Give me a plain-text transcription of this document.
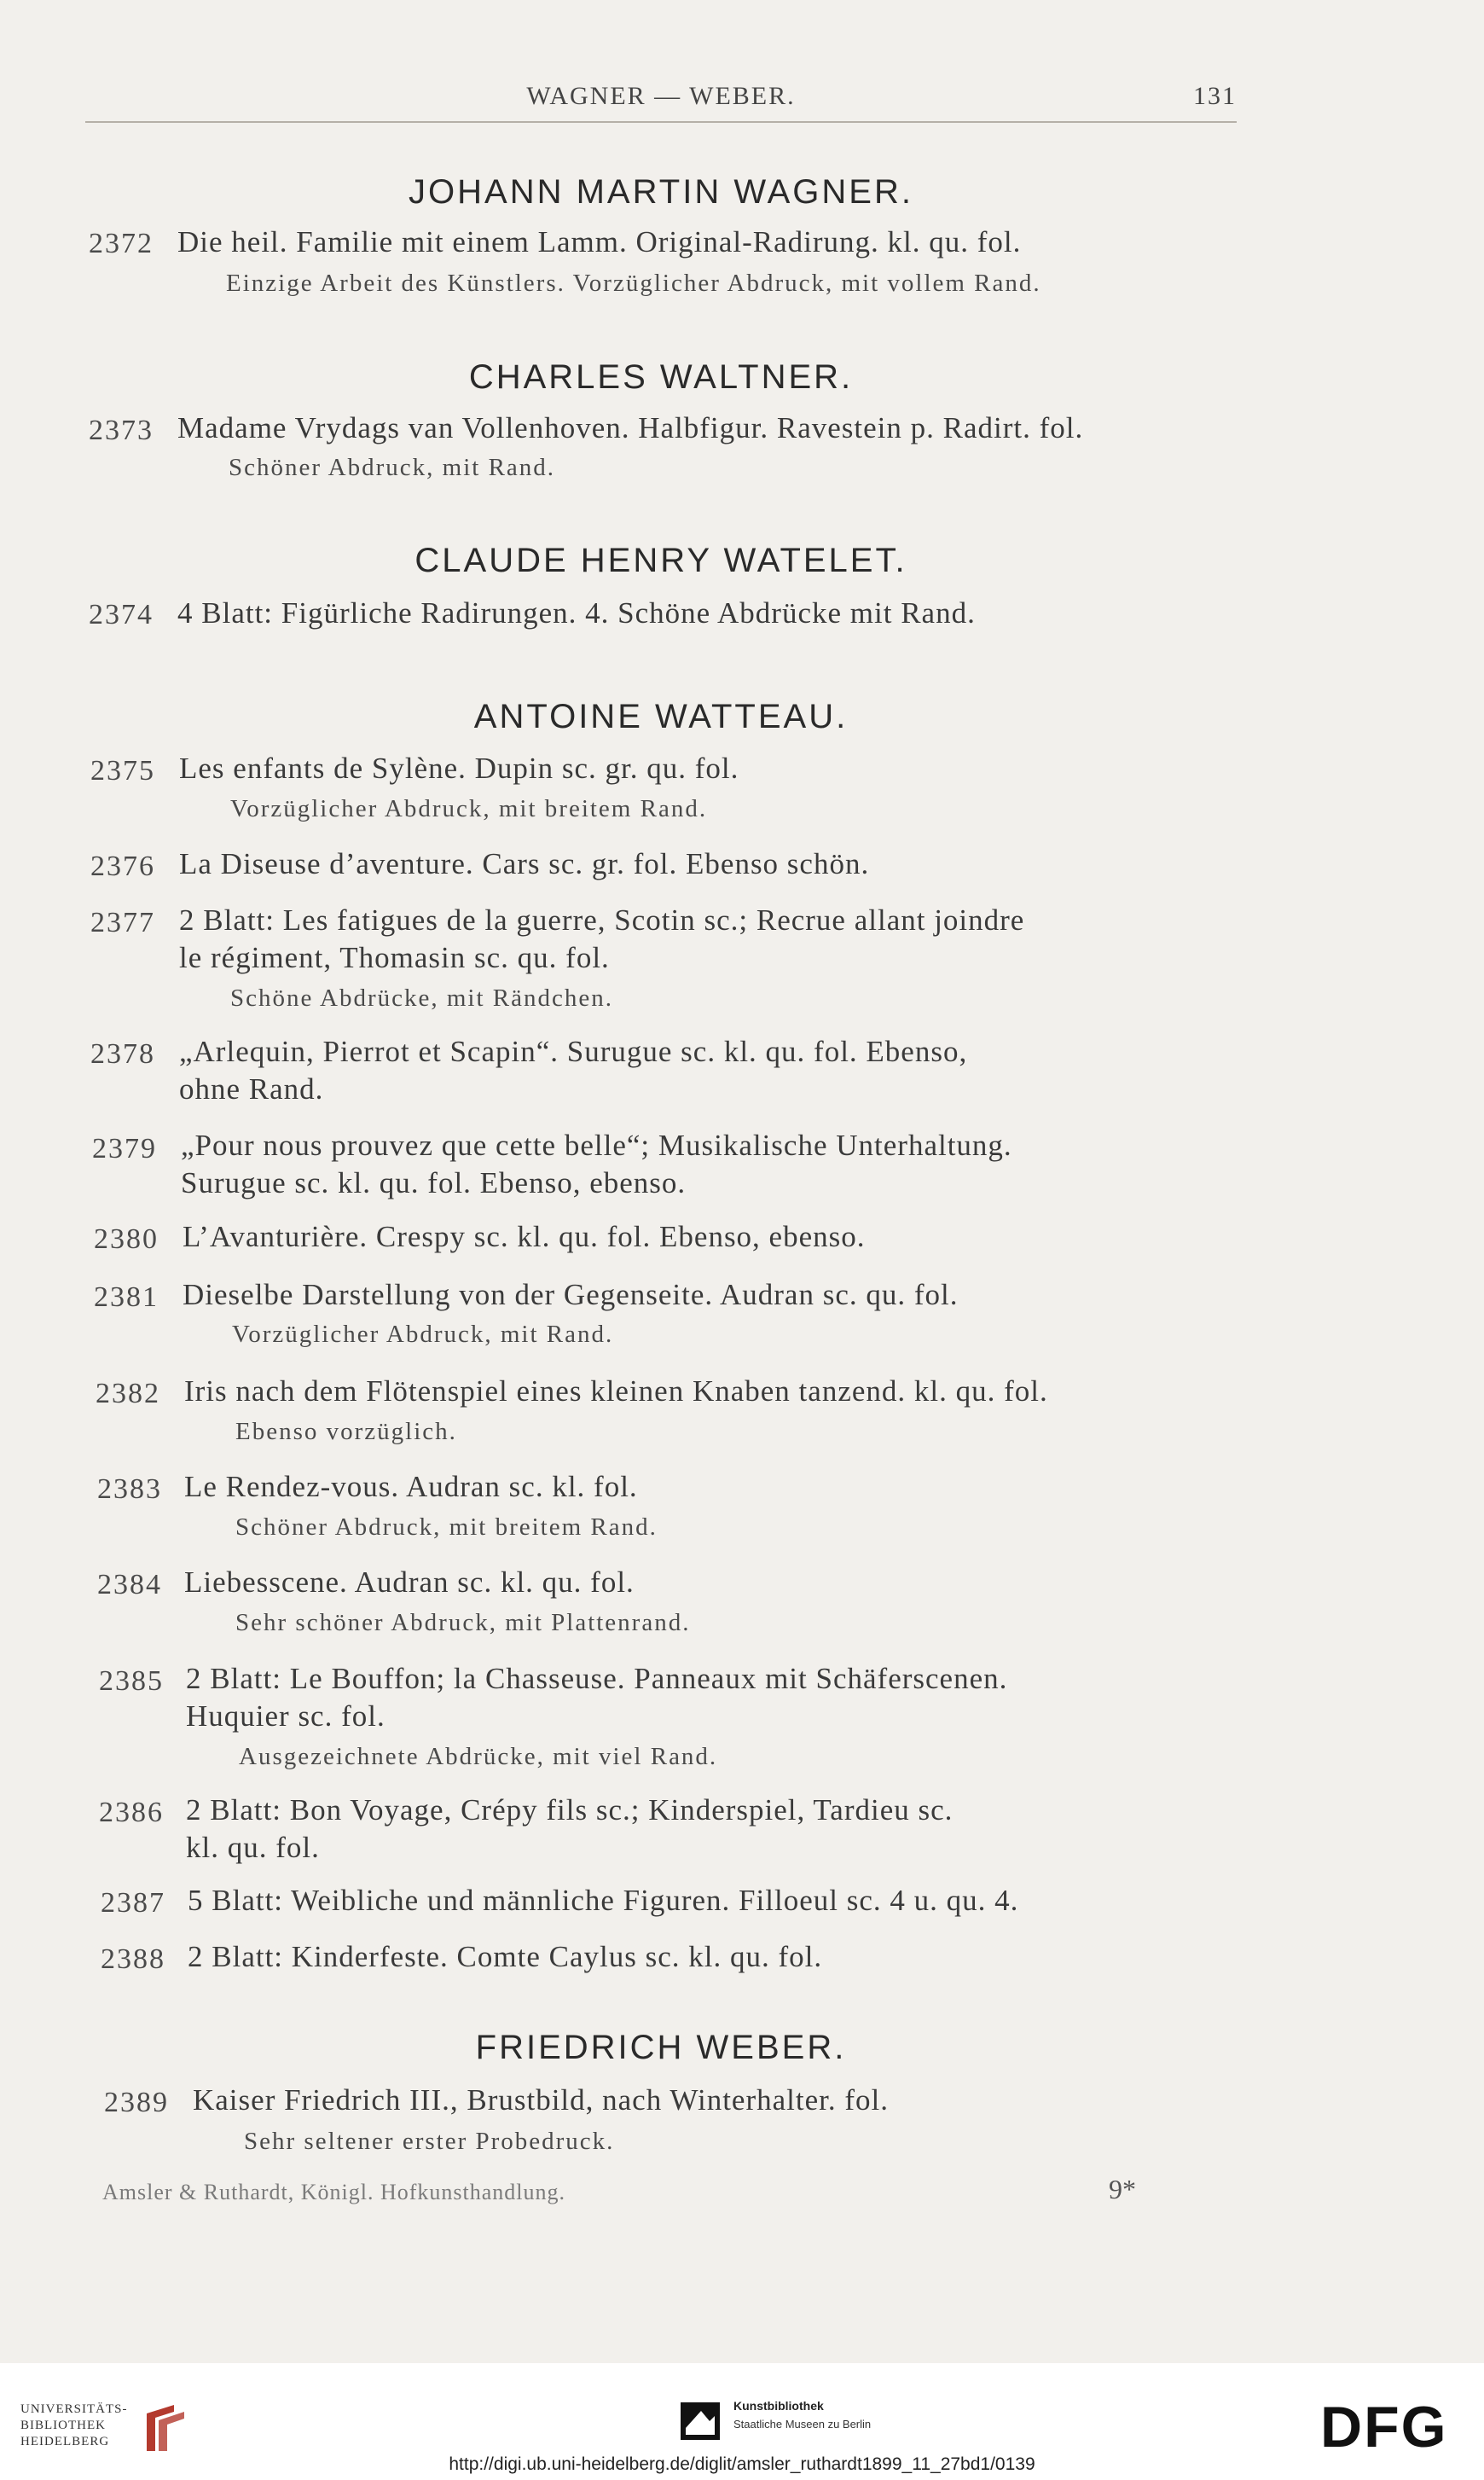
WAGNER — WEBER.	131
JOHANN MARTIN WAGNER.
2372 Die heil. Familie mit einem Lamm. Original-Radirung. kl. qu. fol.
Einzige Arbeit des Künstlers. Vorzüglicher Abdruck, mit vollem Rand.
CHARLES WALTNER.
2373 Madame Vrydags van Vollenhoven. Halbfigur. Ravestein p. Radirt. fol.
Schöner Abdruck, mit Rand.
CLAUDE HENRY WATELET.
2374 4 Blatt: Figürliche Radirungen. 4. Schöne Abdrücke mit Rand.
ANTOINE WATTEAU.
2375 Les enfants de Sylène. Dupin sc. gr. qu. fol.
Vorzüglicher Abdruck, mit breitem Rand.
2376 La Diseuse d’aventure. Cars sc. gr. fol. Ebenso schön.
2377 2 Blatt: Les fatigues de la guerre, Scotin sc.; Recrue allant joindre
le régiment, Thomasin sc. qu. fol.
Schöne Abdrücke, mit Rändchen.
2378 „Arlequin, Pierrot et Scapin“. Surugue sc. kl. qu. fol. Ebenso,
ohne Rand.
2379 „Pour nous prouvez que cette belle“; Musikalische Unterhaltung.
Surugue sc. kl. qu. fol. Ebenso, ebenso.
2380 L’Avanturière. Crespy sc. kl. qu. fol. Ebenso, ebenso.
2381 Dieselbe Darstellung von der Gegenseite. Audran sc. qu. fol.
Vorzüglicher Abdruck, mit Rand.
2382 Iris nach dem Flötenspiel eines kleinen Knaben tanzend. kl. qu. fol.
Ebenso vorzüglich.
2383 Le Rendez-vous. Audran sc. kl. fol.
Schöner Abdruck, mit breitem Rand.
2384 Liebesscene. Audran sc. kl. qu. fol.
Sehr schöner Abdruck, mit Plattenrand.
2385 2 Blatt: Le Bouffon; la Chasseuse. Panneaux mit Schäferscenen.
Huquier sc. fol.
Ausgezeichnete Abdrücke, mit viel Rand.
2386 2 Blatt: Bon Voyage, Crépy fils sc.; Kinderspiel, Tardieu sc.
kl. qu. fol.
2387 5 Blatt: Weibliche und männliche Figuren. Filloeul sc. 4 u. qu. 4.
2388 2 Blatt: Kinderfeste. Comte Caylus sc. kl. qu. fol.
FRIEDRICH WEBER.
2389 Kaiser Friedrich III., Brustbild, nach Winterhalter. fol.
Sehr seltener erster Probedruck.
Amsler & Ruthardt, Königl. Hofkunsthandlung.	9*
UNIVERSITÄTS-
BIBLIOTHEK
HEIDELBERG
Kunstbibliothek
Staatliche Museen zu Berlin	DFG
http://digi.ub.uni-heidelberg.de/diglit/amsler_ruthardt1899_11_27bd1/0139
